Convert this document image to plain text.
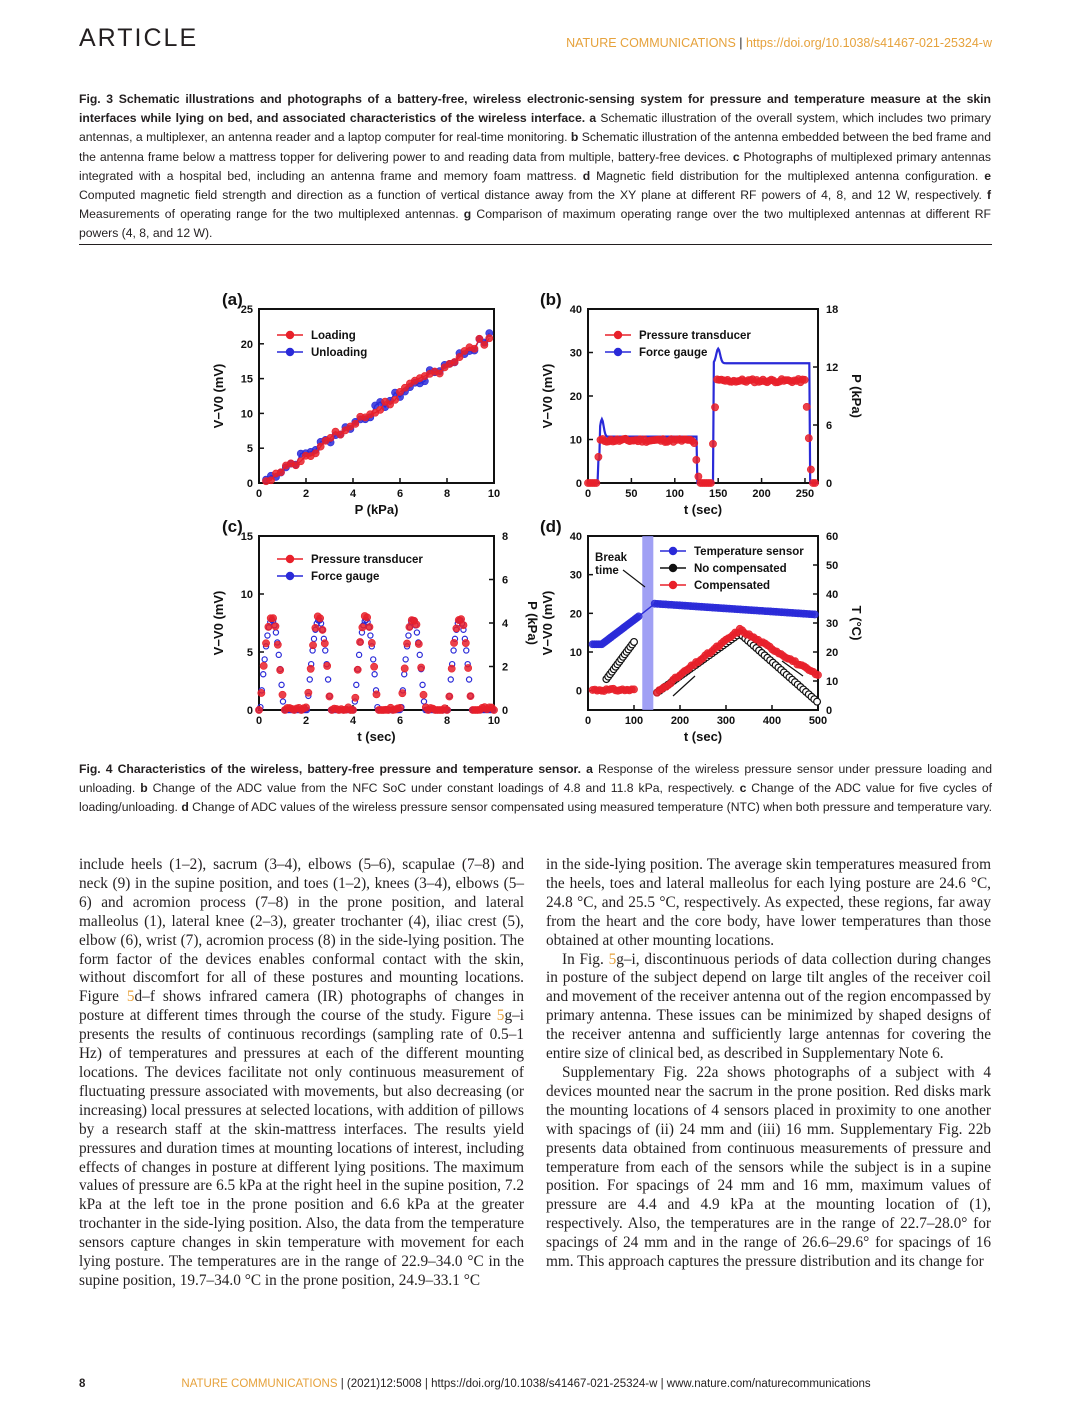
ARTICLE	NATURE COMMUNICATIONS | https://doi.org/10.1038/s41467-021-25324-w
Fig. 3 Schematic illustrations and photographs of a battery-free, wireless electronic-sensing system for pressure and temperature measure at the skin interfaces while lying on bed, and associated characteristics of the wireless interface. a Schematic illustration of the overall system, which includes two primary antennas, a multiplexer, an antenna reader and a laptop computer for real-time monitoring. b Schematic illustration of the antenna embedded between the bed frame and the antenna frame below a mattress topper for delivering power to and reading data from multiple, battery-free devices. c Photographs of multiplexed primary antennas integrated with a hospital bed, including an antenna frame and memory foam mattress. d Magnetic field distribution for the multiplexed antenna configuration. e Computed magnetic field strength and direction as a function of vertical distance away from the XY plane at different RF powers of 4, 8, and 12 W, respectively. f Measurements of operating range for the two multiplexed antennas. g Comparison of maximum operating range over the two multiplexed antennas at different RF powers (4, 8, and 12 W).
(a)
0	2	4	6	8	10
0
5
10
15
20
25
P (kPa)
V−V0 (mV)
Loading
Unloading
(b)
0	50	100 150 200 250
0
10
20
30
40
0
6
12
18
P (kPa)
t (sec)
V−V0 (mV)
Pressure transducer
Force gauge
(c)
0	2	4	6	8	10
0
5
10
15
0
2
4
6
8
P (kPa)
t (sec)
V−V0 (mV)
Pressure transducer
Force gauge
(d)
0	100	200	300	400	500
0
10
20
30
40
0
10
20
30
40
50
60
T (°C)
t (sec)
V−V0 (mV)
Break
time
Temperature sensor
No compensated
Compensated
Fig. 4 Characteristics of the wireless, battery-free pressure and temperature sensor. a Response of the wireless pressure sensor under pressure loading and unloading. b Change of the ADC value from the NFC SoC under constant loadings of 4.8 and 11.8 kPa, respectively. c Change of the ADC value for five cycles of loading/unloading. d Change of ADC values of the wireless pressure sensor compensated using measured temperature (NTC) when both pressure and temperature vary.

include heels (1–2), sacrum (3–4), elbows (5–6), scapulae (7–8) and neck (9) in the supine position, and toes (1–2), knees (3–4), elbows (5–6) and acromion process (7–8) in the prone position, and lateral malleolus (1), lateral knee (2–3), greater trochanter (4), iliac crest (5), elbow (6), wrist (7), acromion process (8) in the side-lying position. The form factor of the devices enables conformal contact with the skin, without discomfort for all of these postures and mounting locations. Figure 5d–f shows infrared camera (IR) photographs of changes in posture at different times through the course of the study. Figure 5g–i presents the results of continuous recordings (sampling rate of 0.5–1 Hz) of temperatures and pressures at each of the different mounting locations. The devices facilitate not only continuous measurement of fluctuating pressure associated with movements, but also decreasing (or increasing) local pressures at selected locations, with addition of pillows by a research staff at the skin-mattress interfaces. The results yield pressures and duration times at mounting locations of interest, including effects of changes in posture at different lying positions. The maximum values of pressure are 6.5 kPa at the right heel in the supine position, 7.2 kPa at the left toe in the prone position and 6.6 kPa at the greater trochanter in the side-lying position. Also, the data from the temperature sensors capture changes in skin temperature with movement for each lying posture. The temperatures are in the range of 22.9–34.0 °C in the supine position, 19.7–34.0 °C in the prone position, 24.9–33.1 °C

in the side-lying position. The average skin temperatures measured from the heels, toes and lateral malleolus for each lying posture are 24.6 °C, 24.8 °C, and 25.5 °C, respectively. As expected, these regions, far away from the heart and the core body, have lower temperatures than those obtained at other mounting locations.

In Fig. 5g–i, discontinuous periods of data collection during changes in posture of the subject depend on large tilt angles of the receiver coil and movement of the receiver antenna out of the region encompassed by primary antenna. These issues can be minimized by shaped designs of the receiver antenna and sufficiently large antennas for covering the entire size of clinical bed, as described in Supplementary Note 6.

Supplementary Fig. 22a shows photographs of a subject with 4 devices mounted near the sacrum in the prone position. Red disks mark the mounting locations of 4 sensors placed in proximity to one another with spacings of (ii) 24 mm and (iii) 16 mm. Supplementary Fig. 22b presents data obtained from continuous measurements of pressure and temperature from each of the sensors while the subject is in a supine position. For spacings of 24 mm and 16 mm, maximum values of pressure are 4.4 and 4.9 kPa at the mounting location of (1), respectively. Also, the temperatures are in the range of 22.7–28.0° for spacings of 24 mm and in the range of 26.6–29.6° for spacings of 16 mm. This approach captures the pressure distribution and its change for

8	NATURE COMMUNICATIONS | (2021)12:5008 | https://doi.org/10.1038/s41467-021-25324-w | www.nature.com/naturecommunications
